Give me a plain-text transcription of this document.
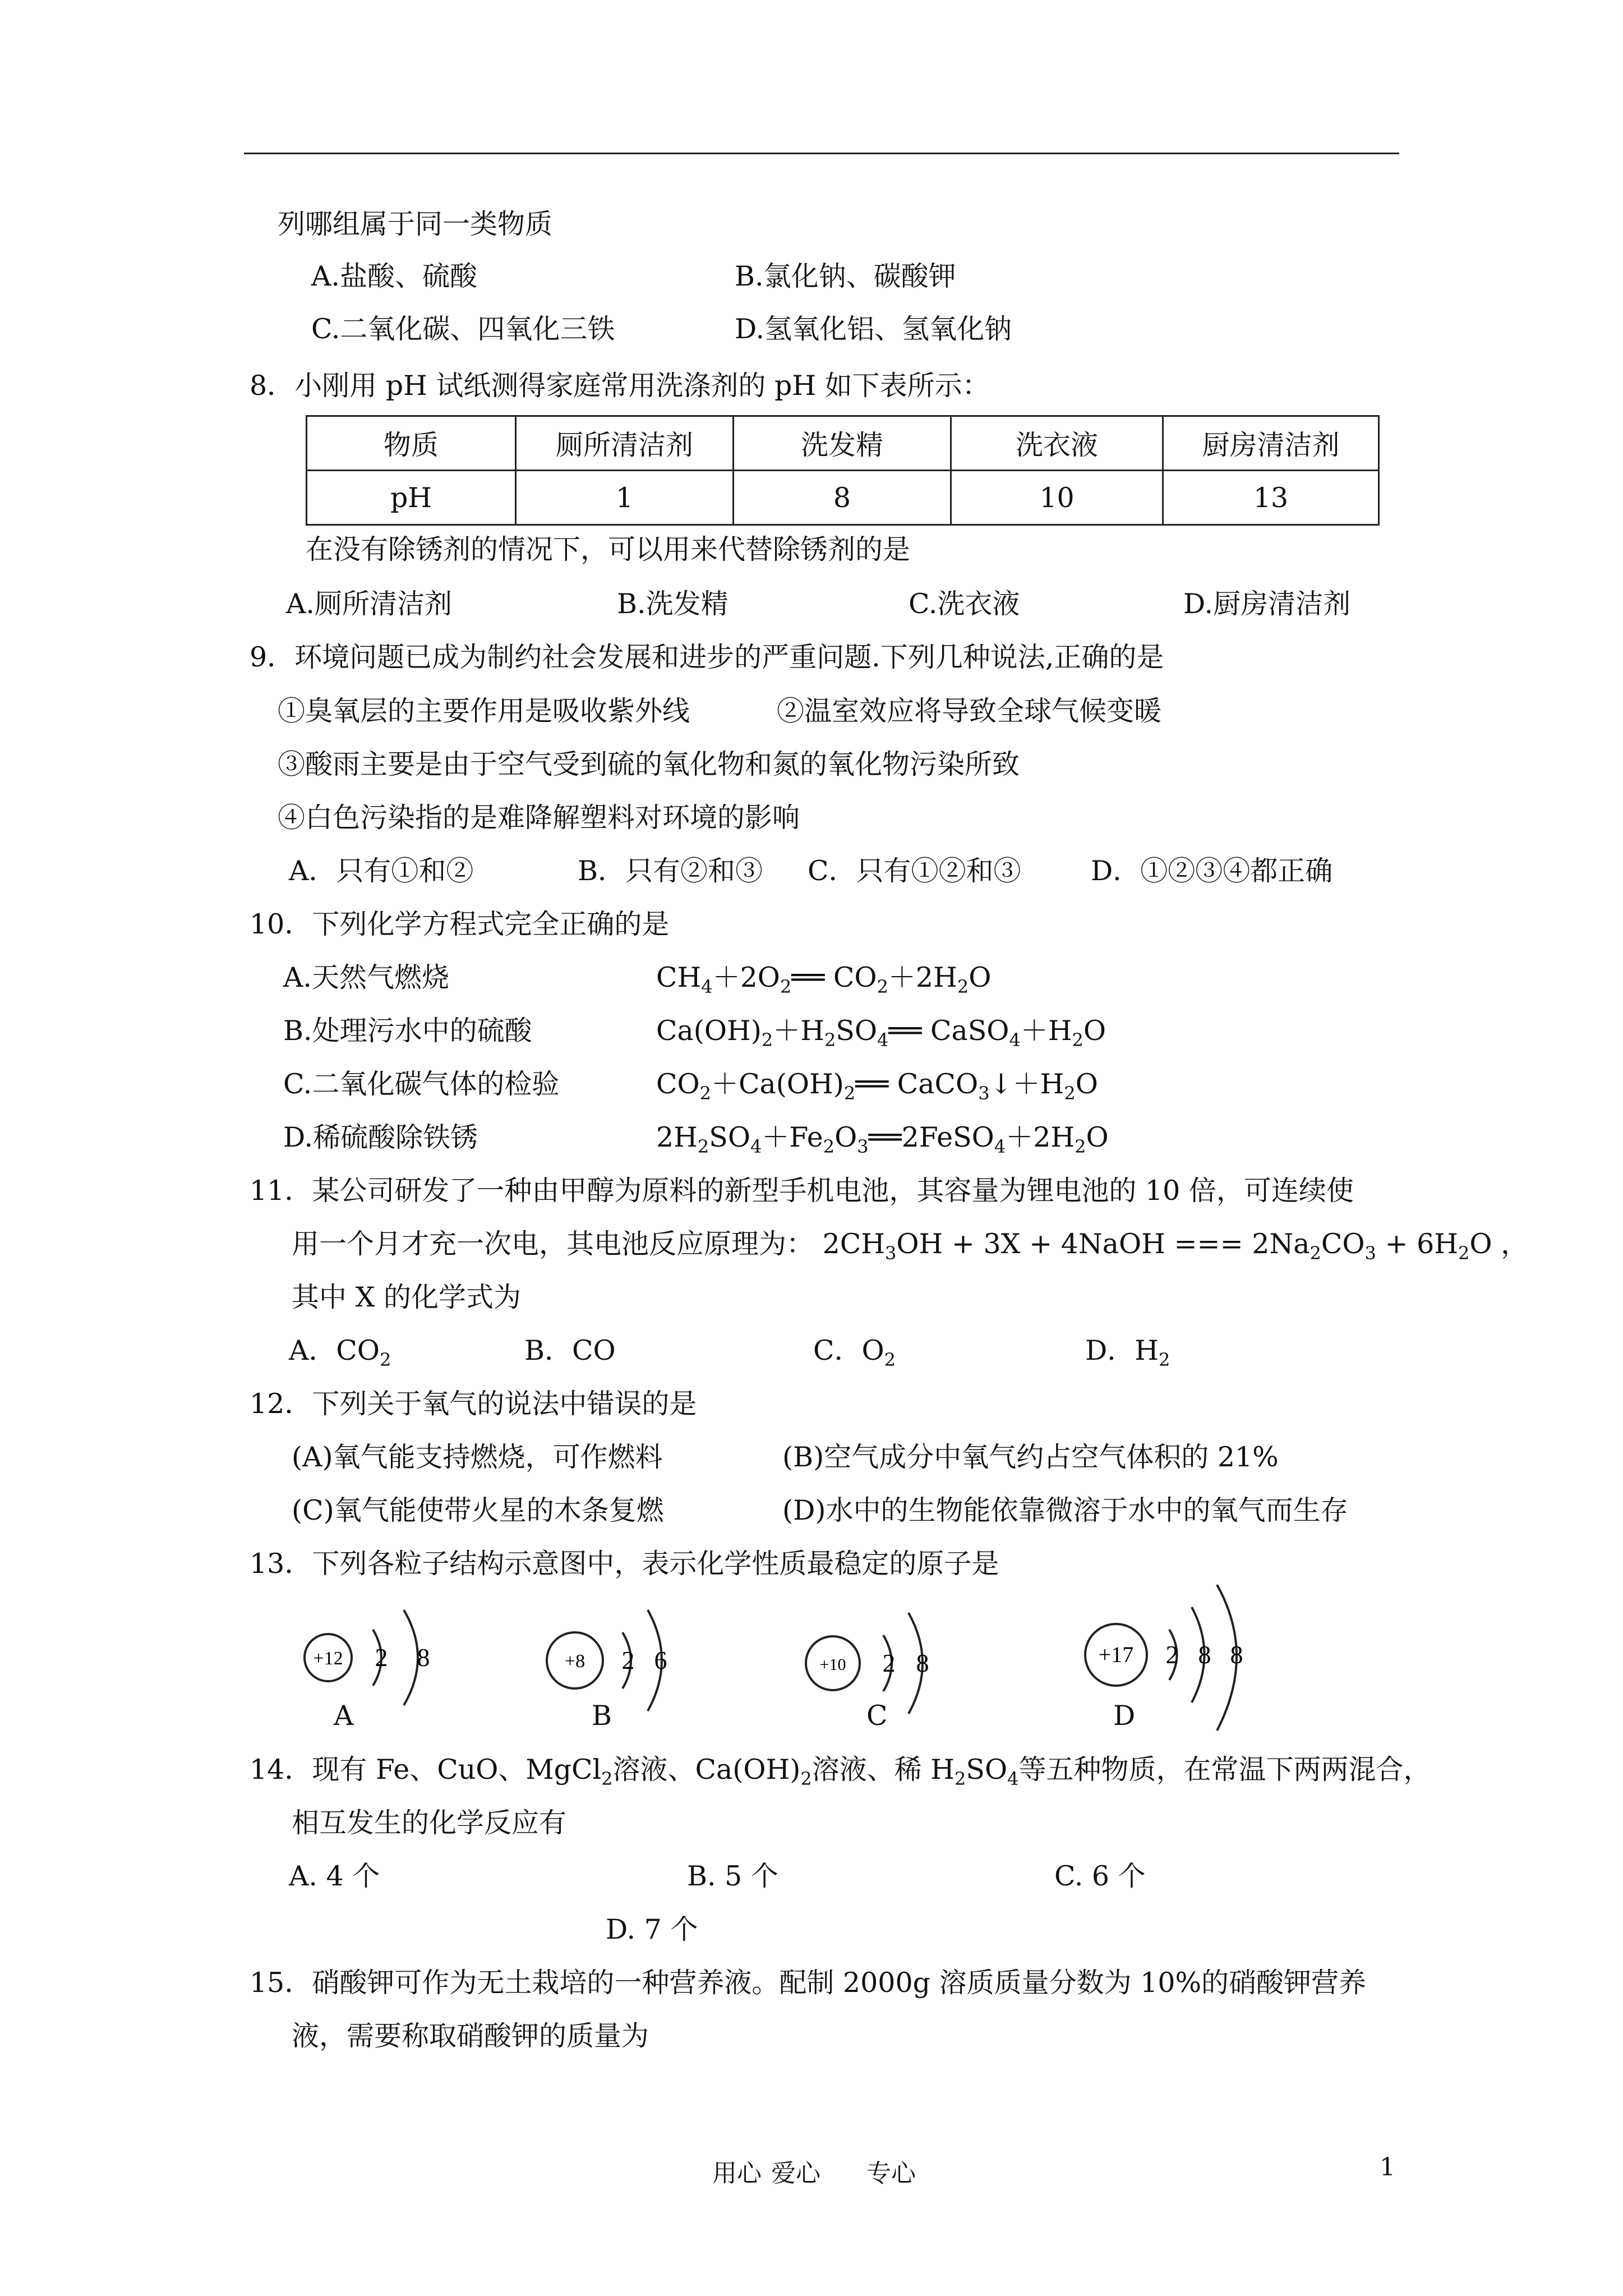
列哪组属于同一类物质
A.盐酸、硫酸	B.氯化钠、碳酸钾
C.二氧化碳、四氧化三铁	D.氢氧化铝、氢氧化钠
8．小刚用 pH 试纸测得家庭常用洗涤剂的 pH 如下表所示：
物质	厕所清洁剂	洗发精	洗衣液	厨房清洁剂
pH	1	8	10	13
在没有除锈剂的情况下，可以用来代替除锈剂的是
A.厕所清洁剂	B.洗发精	C.洗衣液	D.厨房清洁剂
9．环境问题已成为制约社会发展和进步的严重问题.下列几种说法,正确的是
①臭氧层的主要作用是吸收紫外线	②温室效应将导致全球气候变暖
③酸雨主要是由于空气受到硫的氧化物和氮的氧化物污染所致
④白色污染指的是难降解塑料对环境的影响
A．只有①和②	B．只有②和③ C．只有①②和③	D．①②③④都正确
10．下列化学方程式完全正确的是
A.天然气燃烧	$CH_4+2O_2══$ $CO_2+2H_2O$
B.处理污水中的硫酸	$Ca(OH)_2+H_2SO_4══$ $CaSO_4+H_2O$
C.二氧化碳气体的检验	$CO_2+Ca(OH)_2══$ $CaCO_3↓+H_2O$
D.稀硫酸除铁锈	$2H_2SO_4+Fe_2O_3══2FeSO_4+2H_2O$
11．某公司研发了一种由甲醇为原料的新型手机电池，其容量为锂电池的 10 倍，可连续使
用一个月才充一次电，其电池反应原理为： $2CH_3OH + 3X$ + 4NaOH === $2Na_2CO_3 + 6H_2O$ ，
其中 X 的化学式为
A．$CO_2$	B．CO	C．$O_2$	D．$H_2$
12．下列关于氧气的说法中错误的是
(A)氧气能支持燃烧，可作燃料	(B)空气成分中氧气约占空气体积的 21%
(C)氧气能使带火星的木条复燃	(D)水中的生物能依靠微溶于水中的氧气而生存
13．下列各粒子结构示意图中，表示化学性质最稳定的原子是
+12 2 8
A
+8 2 6
B
+10 2 8
C
+17 2 8 8
D
14．现有 Fe、CuO、MgCl$_2$溶液、$Ca(OH)_2$溶液、稀 $H_2SO_4$等五种物质，在常温下两两混合，
相互发生的化学反应有
A. 4 个	B. 5 个	C. 6 个
D. 7 个
15．硝酸钾可作为无土栽培的一种营养液。配制 2000g 溶质质量分数为 10%的硝酸钾营养
液，需要称取硝酸钾的质量为
用心 爱心 专心	1
